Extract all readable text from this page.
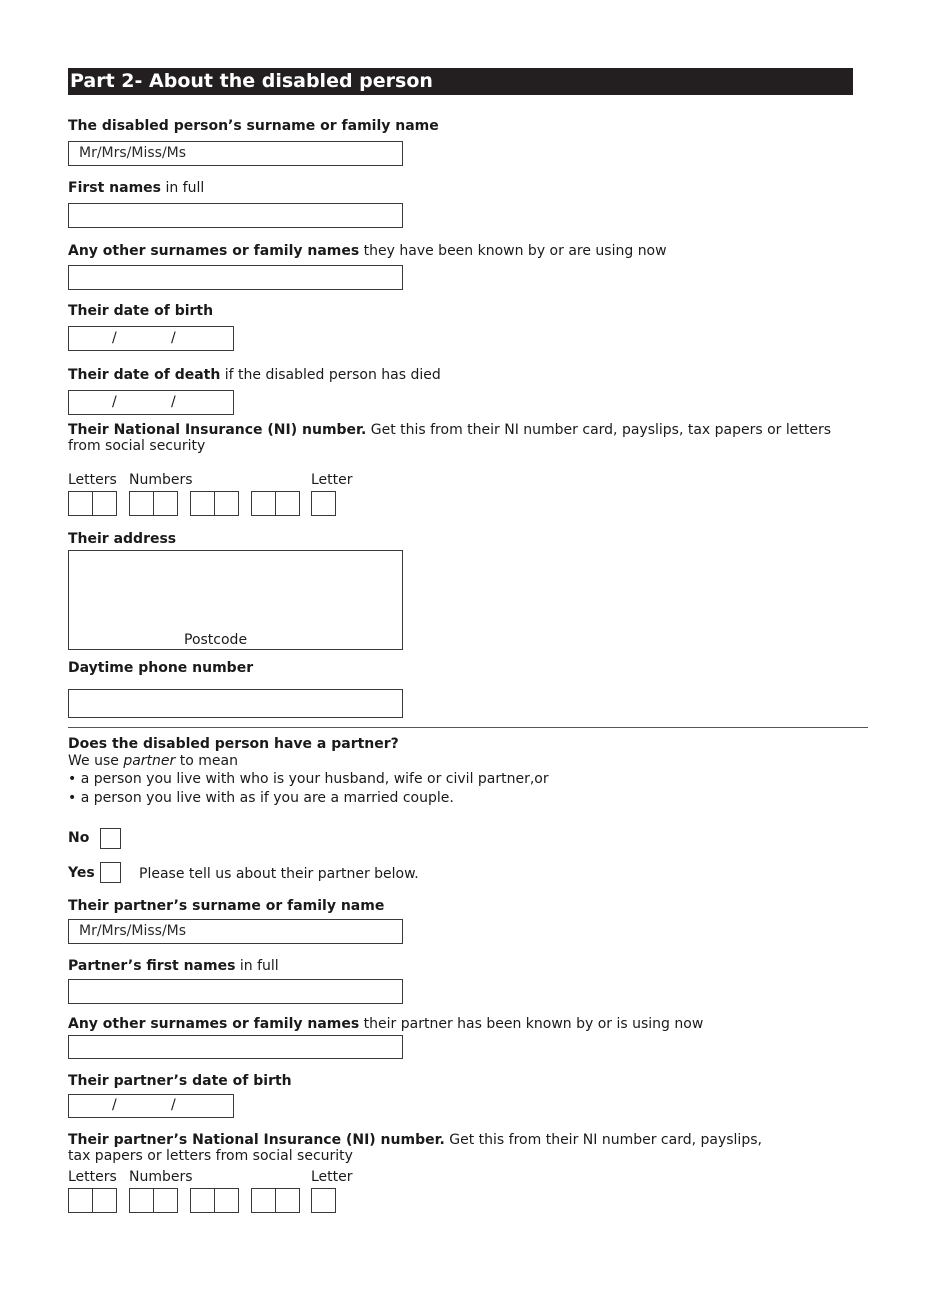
Part 2- About the disabled person
The disabled person’s surname or family name
Mr/Mrs/Miss/Ms
First names in full
Any other surnames or family names they have been known by or are using now
Their date of birth
/	/
Their date of death if the disabled person has died
/	/
Their National Insurance (NI) number. Get this from their NI number card, payslips, tax papers or letters
from social security
Letters Numbers	Letter
Their address
Postcode
Daytime phone number
Does the disabled person have a partner?
We use partner to mean
• a person you live with who is your husband, wife or civil partner,or
• a person you live with as if you are a married couple.
No
Yes	Please tell us about their partner below.
Their partner’s surname or family name
Mr/Mrs/Miss/Ms
Partner’s first names in full
Any other surnames or family names their partner has been known by or is using now
Their partner’s date of birth
/	/
Their partner’s National Insurance (NI) number. Get this from their NI number card, payslips,
tax papers or letters from social security
Letters Numbers	Letter
